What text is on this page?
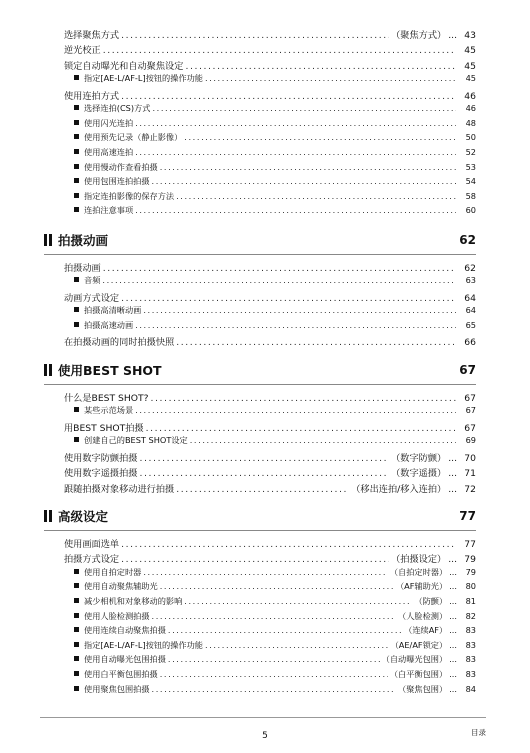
选择聚焦方式 .....	（聚焦方式） ... 43
逆光校正 .....	45
锁定自动曝光和自动聚焦设定 .....	45
指定[AE-L/AF-L]按钮的操作功能 .....	45
使用连拍方式 .....	46
选择连拍(CS)方式 .....	46
使用闪光连拍 .....	48
使用预先记录（静止影像） .....	50
使用高速连拍 .....	52
使用慢动作查看拍摄 .....	53
使用包围连拍拍摄 .....	54
指定连拍影像的保存方法 .....	58
连拍注意事项 .....	60
拍摄动画	62
拍摄动画 .....	62
音频 .....	63
动画方式设定 .....	64
拍摄高清晰动画 .....	64
拍摄高速动画 .....	65
在拍摄动画的同时拍摄快照 .....	66
使用BEST SHOT	67
什么是BEST SHOT? .....	67
某些示范场景 .....	67
用BEST SHOT拍摄 .....	67
创建自己的BEST SHOT设定 .....	69
使用数字防颤拍摄 .....	（数字防颤） ... 70
使用数字遥摄拍摄 .....	（数字遥摄） ... 71
跟随拍摄对象移动进行拍摄 .....	（移出连拍/移入连拍） ... 72
高级设定	77
使用画面选单 .....	77
拍摄方式设定 .....	（拍摄设定） ... 79
使用自拍定时器 .....	（自拍定时器） ...	79
使用自动聚焦辅助光 .....	（AF辅助光） ...	80
减少相机和对象移动的影响 .....	（防颤） ...	81
使用人脸检测拍摄 .....	（人脸检测） ...	82
使用连续自动聚焦拍摄 .....	（连续AF） ...	83
指定[AE-L/AF-L]按钮的操作功能 .....	（AE/AF锁定） ...	83
使用自动曝光包围拍摄 .....	（自动曝光包围） ...	83
使用白平衡包围拍摄 .....	（白平衡包围） ...	83
使用聚焦包围拍摄 .....	（聚焦包围） ...	84
5	目录
